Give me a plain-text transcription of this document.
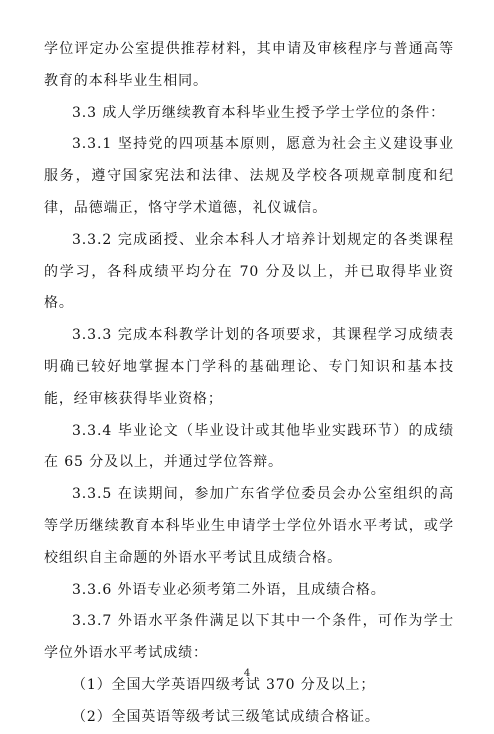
学位评定办公室提供推荐材料，其申请及审核程序与普通高等教育的本科毕业生相同。

3.3 成人学历继续教育本科毕业生授予学士学位的条件：

3.3.1 坚持党的四项基本原则，愿意为社会主义建设事业服务，遵守国家宪法和法律、法规及学校各项规章制度和纪律，品德端正，恪守学术道德，礼仪诚信。

3.3.2 完成函授、业余本科人才培养计划规定的各类课程的学习，各科成绩平均分在 70 分及以上，并已取得毕业资格。

3.3.3 完成本科教学计划的各项要求，其课程学习成绩表明确已较好地掌握本门学科的基础理论、专门知识和基本技能，经审核获得毕业资格；

3.3.4 毕业论文（毕业设计或其他毕业实践环节）的成绩在 65 分及以上，并通过学位答辩。

3.3.5 在读期间，参加广东省学位委员会办公室组织的高等学历继续教育本科毕业生申请学士学位外语水平考试，或学校组织自主命题的外语水平考试且成绩合格。

3.3.6 外语专业必须考第二外语，且成绩合格。

3.3.7 外语水平条件满足以下其中一个条件，可作为学士学位外语水平考试成绩：

（1）全国大学英语四级考试 370 分及以上；

（2）全国英语等级考试三级笔试成绩合格证。

4
